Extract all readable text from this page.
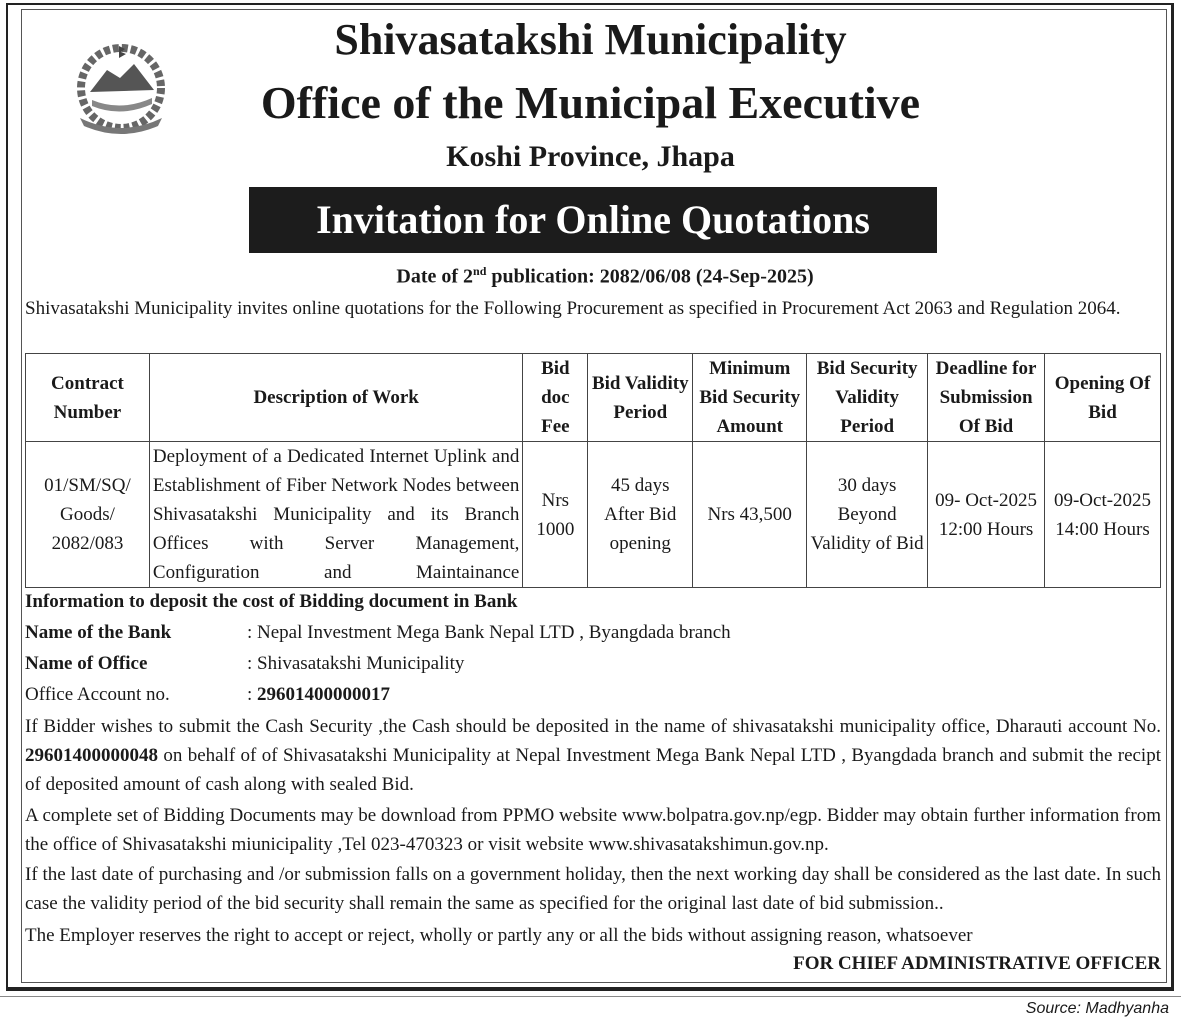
Shivasatakshi Municipality
Office of the Municipal Executive
Koshi Province, Jhapa
Invitation for Online Quotations
Date of 2nd publication: 2082/06/08 (24-Sep-2025)
Shivasatakshi Municipality invites online quotations for the Following Procurement as specified in Procurement Act 2063 and Regulation 2064.
Contract Number	Description of Work	Bid doc Fee	Bid Validity Period	Minimum Bid Security Amount	Bid Security Validity Period	Deadline for Submission Of Bid	Opening Of Bid
01/SM/SQ/ Goods/ 2082/083	Deployment of a Dedicated Internet Uplink and Establishment of Fiber Network Nodes between Shivasatakshi Municipality and its Branch Offices with Server Management, Configuration and Maintainance	Nrs 1000	45 days After Bid opening	Nrs 43,500	30 days Beyond Validity of Bid	09- Oct-2025 12:00 Hours	09-Oct-2025 14:00 Hours
Information to deposit the cost of Bidding document in Bank
Name of the Bank	: Nepal Investment Mega Bank Nepal LTD , Byangdada branch
Name of Office	: Shivasatakshi Municipality
Office Account no.	: 29601400000017
If Bidder wishes to submit the Cash Security ,the Cash should be deposited in the name of shivasatakshi municipality office, Dharauti account No. 29601400000048 on behalf of of Shivasatakshi Municipality at Nepal Investment Mega Bank Nepal LTD , Byangdada branch and submit the recipt of deposited amount of cash along with sealed Bid.
A complete set of Bidding Documents may be download from PPMO website www.bolpatra.gov.np/egp. Bidder may obtain further information from the office of Shivasatakshi miunicipality ,Tel 023-470323 or visit website www.shivasatakshimun.gov.np.
If the last date of purchasing and /or submission falls on a government holiday, then the next working day shall be considered as the last date. In such case the validity period of the bid security shall remain the same as specified for the original last date of bid submission..
The Employer reserves the right to accept or reject, wholly or partly any or all the bids without assigning reason, whatsoever
FOR CHIEF ADMINISTRATIVE OFFICER
Source: Madhyanha
